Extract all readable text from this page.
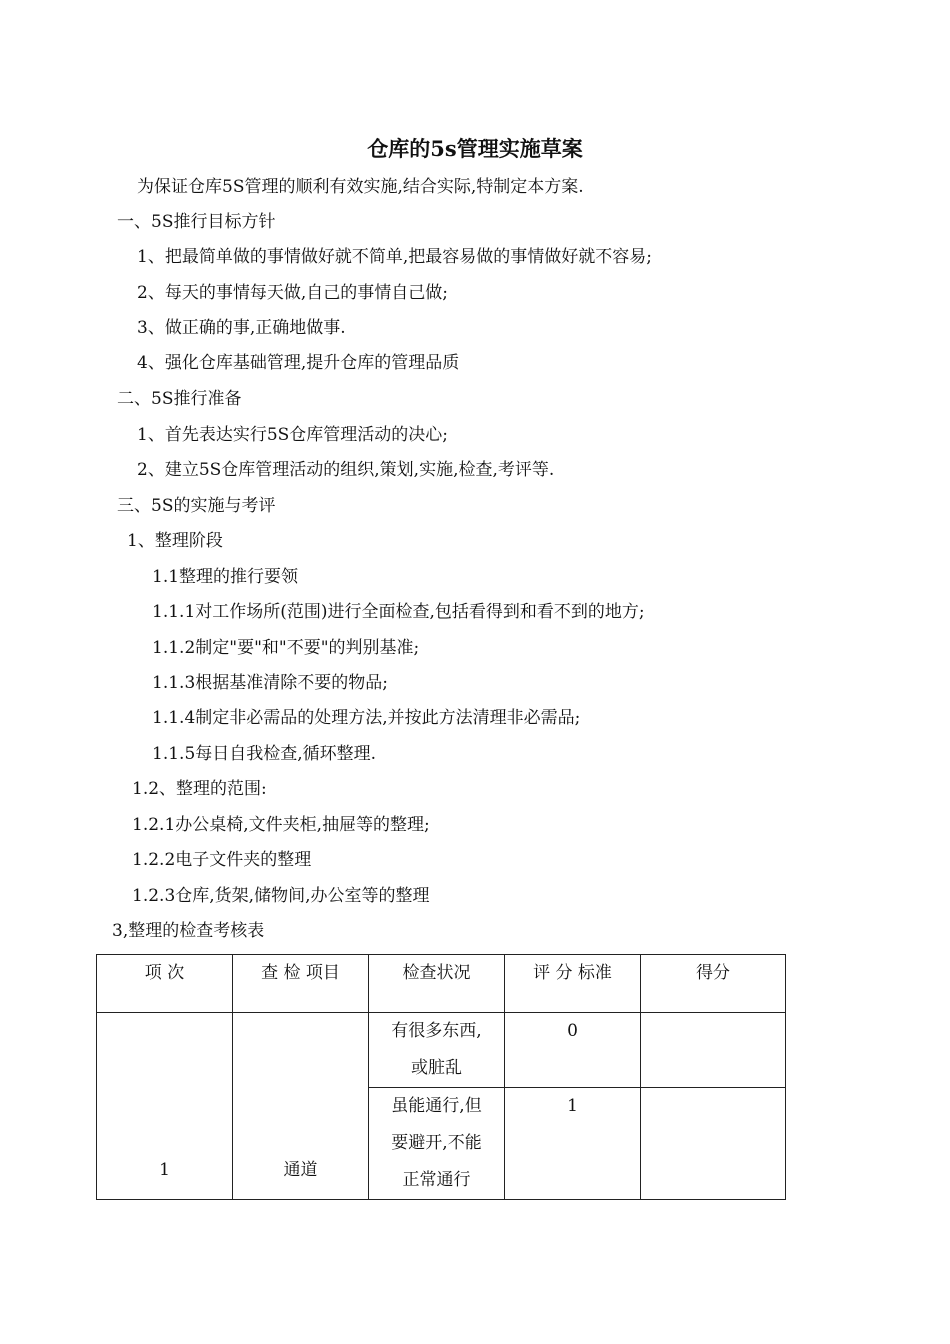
仓库的5s管理实施草案
为保证仓库5S管理的顺利有效实施,结合实际,特制定本方案.
一、5S推行目标方针
1、把最简单做的事情做好就不简单,把最容易做的事情做好就不容易;
2、每天的事情每天做,自己的事情自己做;
3、做正确的事,正确地做事.
4、强化仓库基础管理,提升仓库的管理品质
二、5S推行准备
1、首先表达实行5S仓库管理活动的决心;
2、建立5S仓库管理活动的组织,策划,实施,检查,考评等.
三、5S的实施与考评
1、整理阶段
1.1整理的推行要领
1.1.1对工作场所(范围)进行全面检查,包括看得到和看不到的地方;
1.1.2制定"要"和"不要"的判别基准;
1.1.3根据基准清除不要的物品;
1.1.4制定非必需品的处理方法,并按此方法清理非必需品;
1.1.5每日自我检查,循环整理.
1.2、整理的范围:
1.2.1办公桌椅,文件夹柜,抽屉等的整理;
1.2.2电子文件夹的整理
1.2.3仓库,货架,储物间,办公室等的整理
3,整理的检查考核表
项 次	查 检 项目	检查状况	评 分 标准	得分
1	通道	有很多东西,
或脏乱	0	

		虽能通行,但
要避开,不能
正常通行	1	
